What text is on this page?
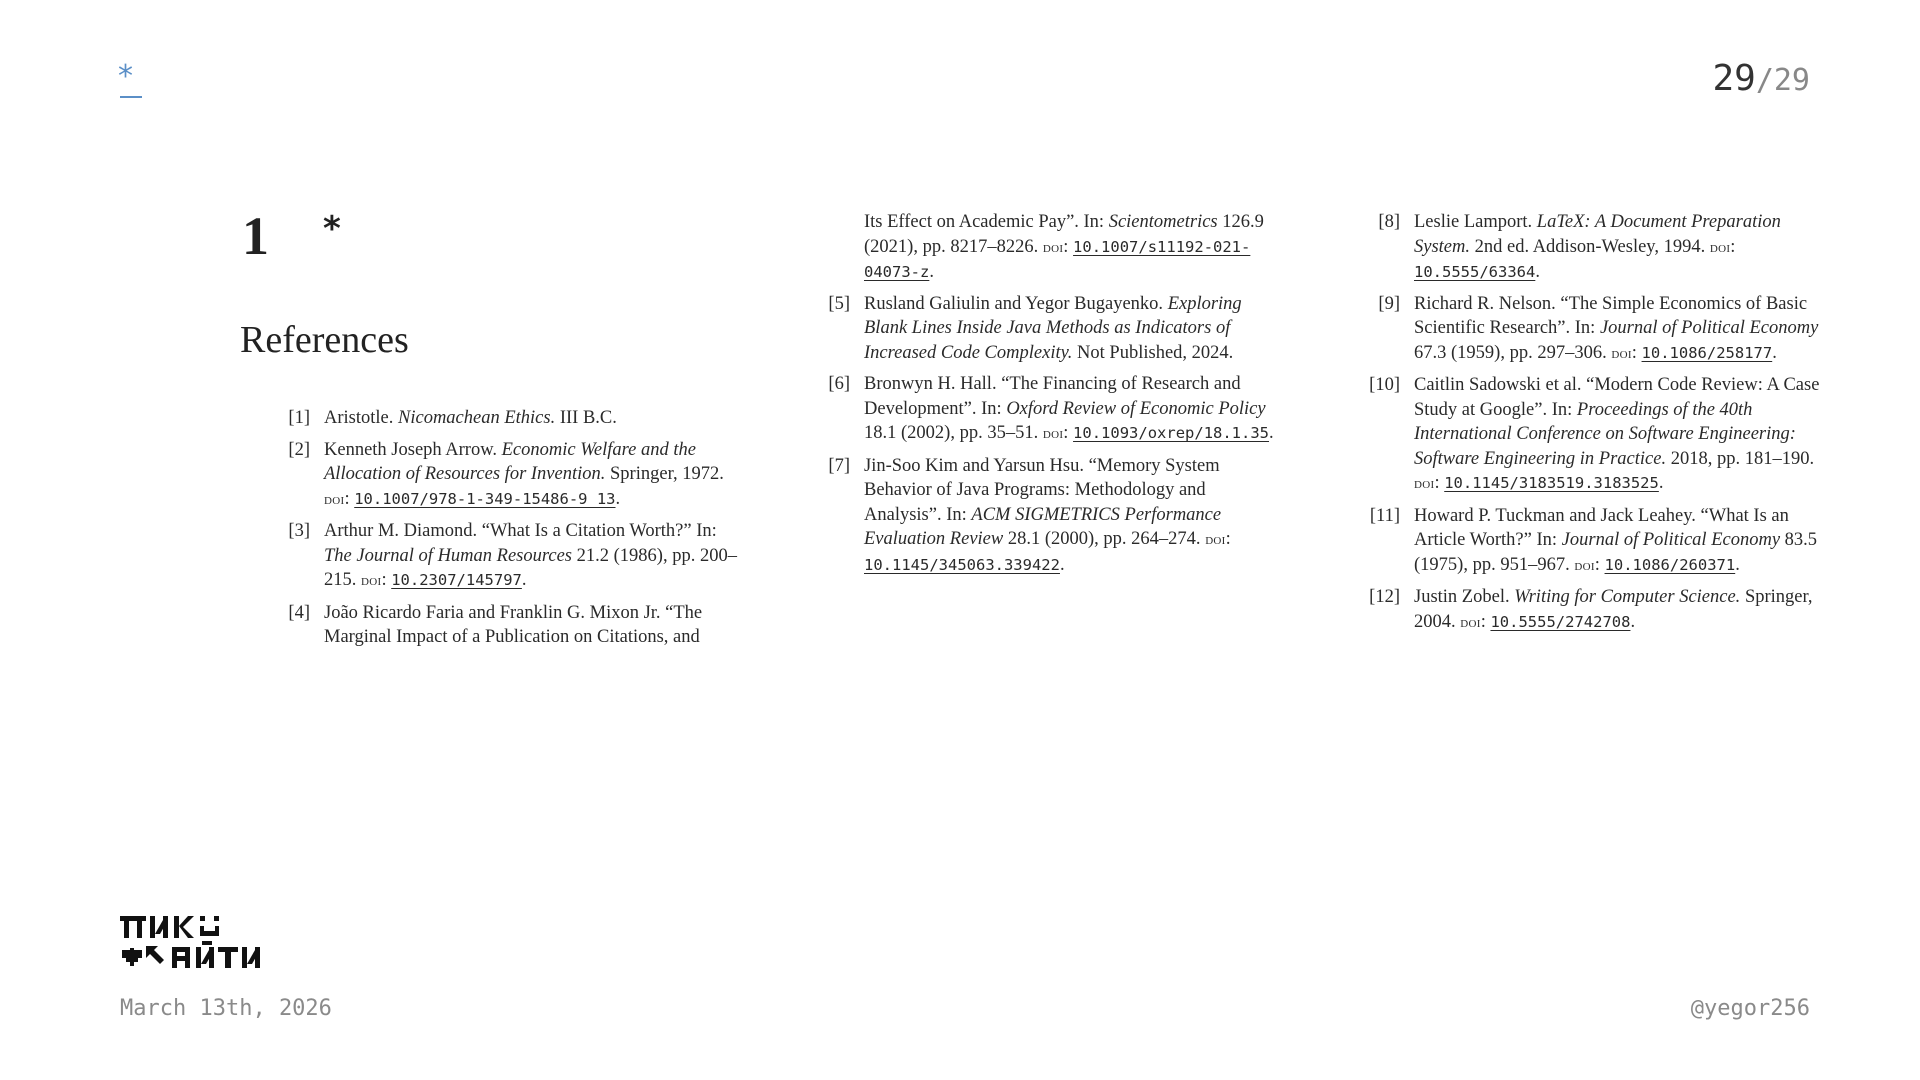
*	29/29
1 *
References
[1] Aristotle. Nicomachean Ethics. III B.C.
[2] Kenneth Joseph Arrow. Economic Welfare and the Allocation of Resources for Invention. Springer, 1972. doi: 10.1007/978-1-349-15486-9_13.
[3] Arthur M. Diamond. “What Is a Citation Worth?” In: The Journal of Human Resources 21.2 (1986), pp. 200–215. doi: 10.2307/145797.
[4] João Ricardo Faria and Franklin G. Mixon Jr. “The Marginal Impact of a Publication on Citations, and
Its Effect on Academic Pay”. In: Scientometrics 126.9 (2021), pp. 8217–8226. doi: 10.1007/s11192-021-04073-z.
[5] Rusland Galiulin and Yegor Bugayenko. Exploring Blank Lines Inside Java Methods as Indicators of Increased Code Complexity. Not Published, 2024.
[6] Bronwyn H. Hall. “The Financing of Research and Development”. In: Oxford Review of Economic Policy 18.1 (2002), pp. 35–51. doi: 10.1093/oxrep/18.1.35.
[7] Jin-Soo Kim and Yarsun Hsu. “Memory System Behavior of Java Programs: Methodology and Analysis”. In: ACM SIGMETRICS Performance Evaluation Review 28.1 (2000), pp. 264–274. doi: 10.1145/345063.339422.
[8] Leslie Lamport. LaTeX: A Document Preparation System. 2nd ed. Addison-Wesley, 1994. doi: 10.5555/63364.
[9] Richard R. Nelson. “The Simple Economics of Basic Scientific Research”. In: Journal of Political Economy 67.3 (1959), pp. 297–306. doi: 10.1086/258177.
[10] Caitlin Sadowski et al. “Modern Code Review: A Case Study at Google”. In: Proceedings of the 40th International Conference on Software Engineering: Software Engineering in Practice. 2018, pp. 181–190. doi: 10.1145/3183519.3183525.
[11] Howard P. Tuckman and Jack Leahey. “What Is an Article Worth?” In: Journal of Political Economy 83.5 (1975), pp. 951–967. doi: 10.1086/260371.
[12] Justin Zobel. Writing for Computer Science. Springer, 2004. doi: 10.5555/2742708.
March 13th, 2026	@yegor256
